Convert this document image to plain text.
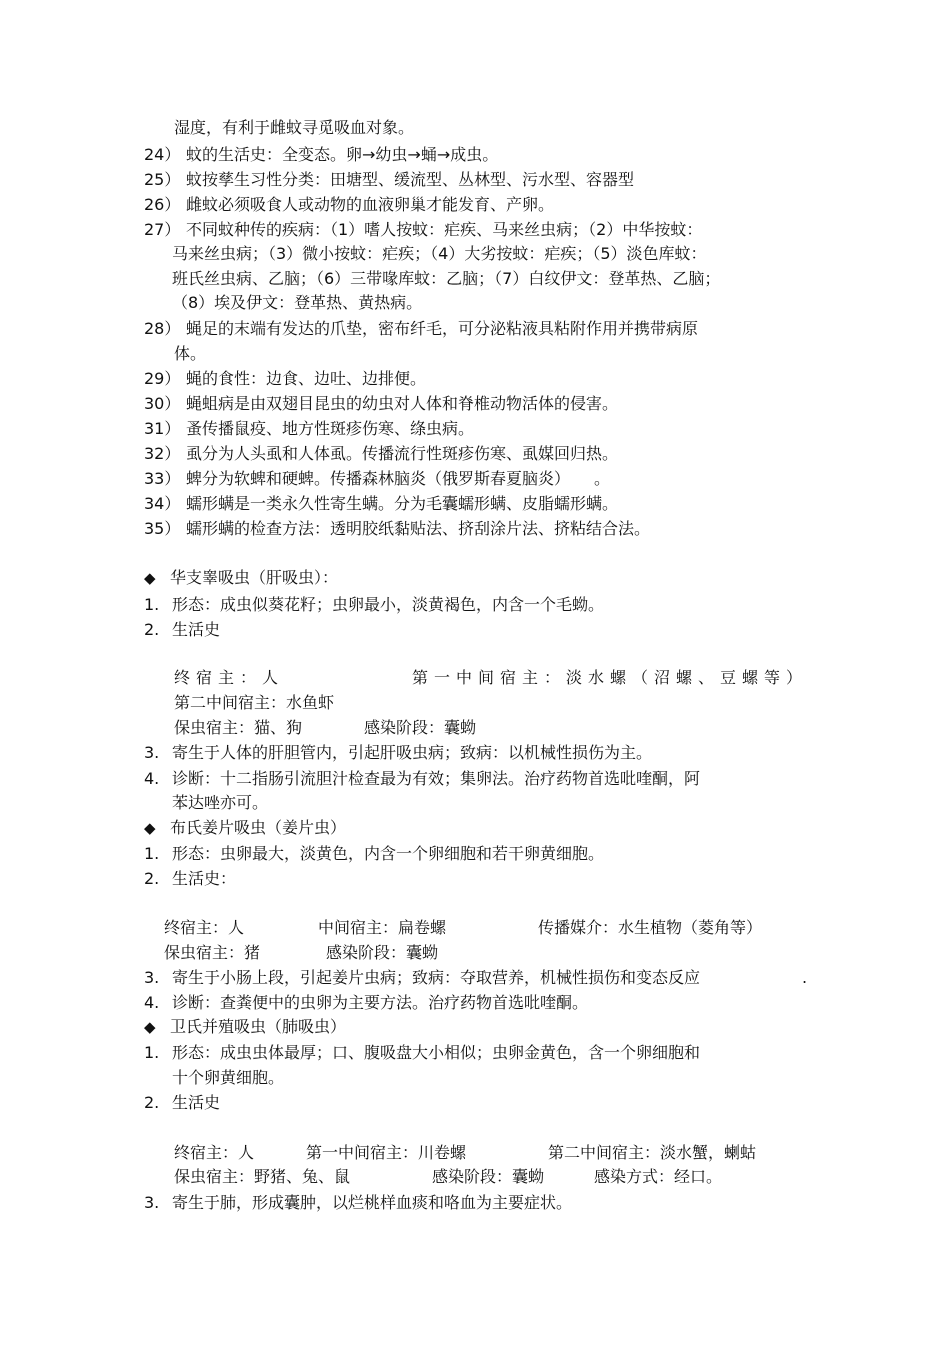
湿度，有利于雌蚊寻觅吸血对象。
24） 蚊的生活史：全变态。卵→幼虫→蛹→成虫。
25） 蚊按孳生习性分类：田塘型、缓流型、丛林型、污水型、容器型
26） 雌蚊必须吸食人或动物的血液卵巢才能发育、产卵。
27） 不同蚊种传的疾病：（1）嗜人按蚊：疟疾、马来丝虫病；（2）中华按蚊：
马来丝虫病；（3）微小按蚊：疟疾；（4）大劣按蚊：疟疾；（5）淡色库蚊：
班氏丝虫病、乙脑；（6）三带喙库蚊：乙脑；（7）白纹伊文：登革热、乙脑；
（8）埃及伊文：登革热、黄热病。
28） 蝇足的末端有发达的爪垫，密布纤毛，可分泌粘液具粘附作用并携带病原
体。
29） 蝇的食性：边食、边吐、边排便。
30） 蝇蛆病是由双翅目昆虫的幼虫对人体和脊椎动物活体的侵害。
31） 蚤传播鼠疫、地方性斑疹伤寒、绦虫病。
32） 虱分为人头虱和人体虱。传播流行性斑疹伤寒、虱媒回归热。
33） 蜱分为软蜱和硬蜱。传播森林脑炎（俄罗斯春夏脑炎）　　。
34） 蠕形螨是一类永久性寄生螨。分为毛囊蠕形螨、皮脂蠕形螨。
35） 蠕形螨的检查方法：透明胶纸黏贴法、挤刮涂片法、挤粘结合法。
◆ 华支睾吸虫（肝吸虫）：
1. 形态：成虫似葵花籽；虫卵最小，淡黄褐色，内含一个毛蚴。
2. 生活史
终宿主：人	第一中间宿主：淡水螺（沼螺、豆螺等）
第二中间宿主：水鱼虾
保虫宿主：猫、狗	感染阶段：囊蚴
3. 寄生于人体的肝胆管内，引起肝吸虫病；致病：以机械性损伤为主。
4. 诊断：十二指肠引流胆汁检查最为有效；集卵法。治疗药物首选吡喹酮，阿
苯达唑亦可。
◆ 布氏姜片吸虫（姜片虫）
1. 形态：虫卵最大，淡黄色，内含一个卵细胞和若干卵黄细胞。
2. 生活史：
终宿主：人	中间宿主：扁卷螺	传播媒介：水生植物（菱角等）
保虫宿主：猪	感染阶段：囊蚴
3. 寄生于小肠上段，引起姜片虫病；致病：夺取营养，机械性损伤和变态反应	.
4. 诊断：查粪便中的虫卵为主要方法。治疗药物首选吡喹酮。
◆ 卫氏并殖吸虫（肺吸虫）
1. 形态：成虫虫体最厚；口、腹吸盘大小相似；虫卵金黄色，含一个卵细胞和
十个卵黄细胞。
2. 生活史
终宿主：人	第一中间宿主：川卷螺	第二中间宿主：淡水蟹，蝲蛄
保虫宿主：野猪、兔、鼠	感染阶段：囊蚴	感染方式：经口。
3. 寄生于肺，形成囊肿，以烂桃样血痰和咯血为主要症状。
